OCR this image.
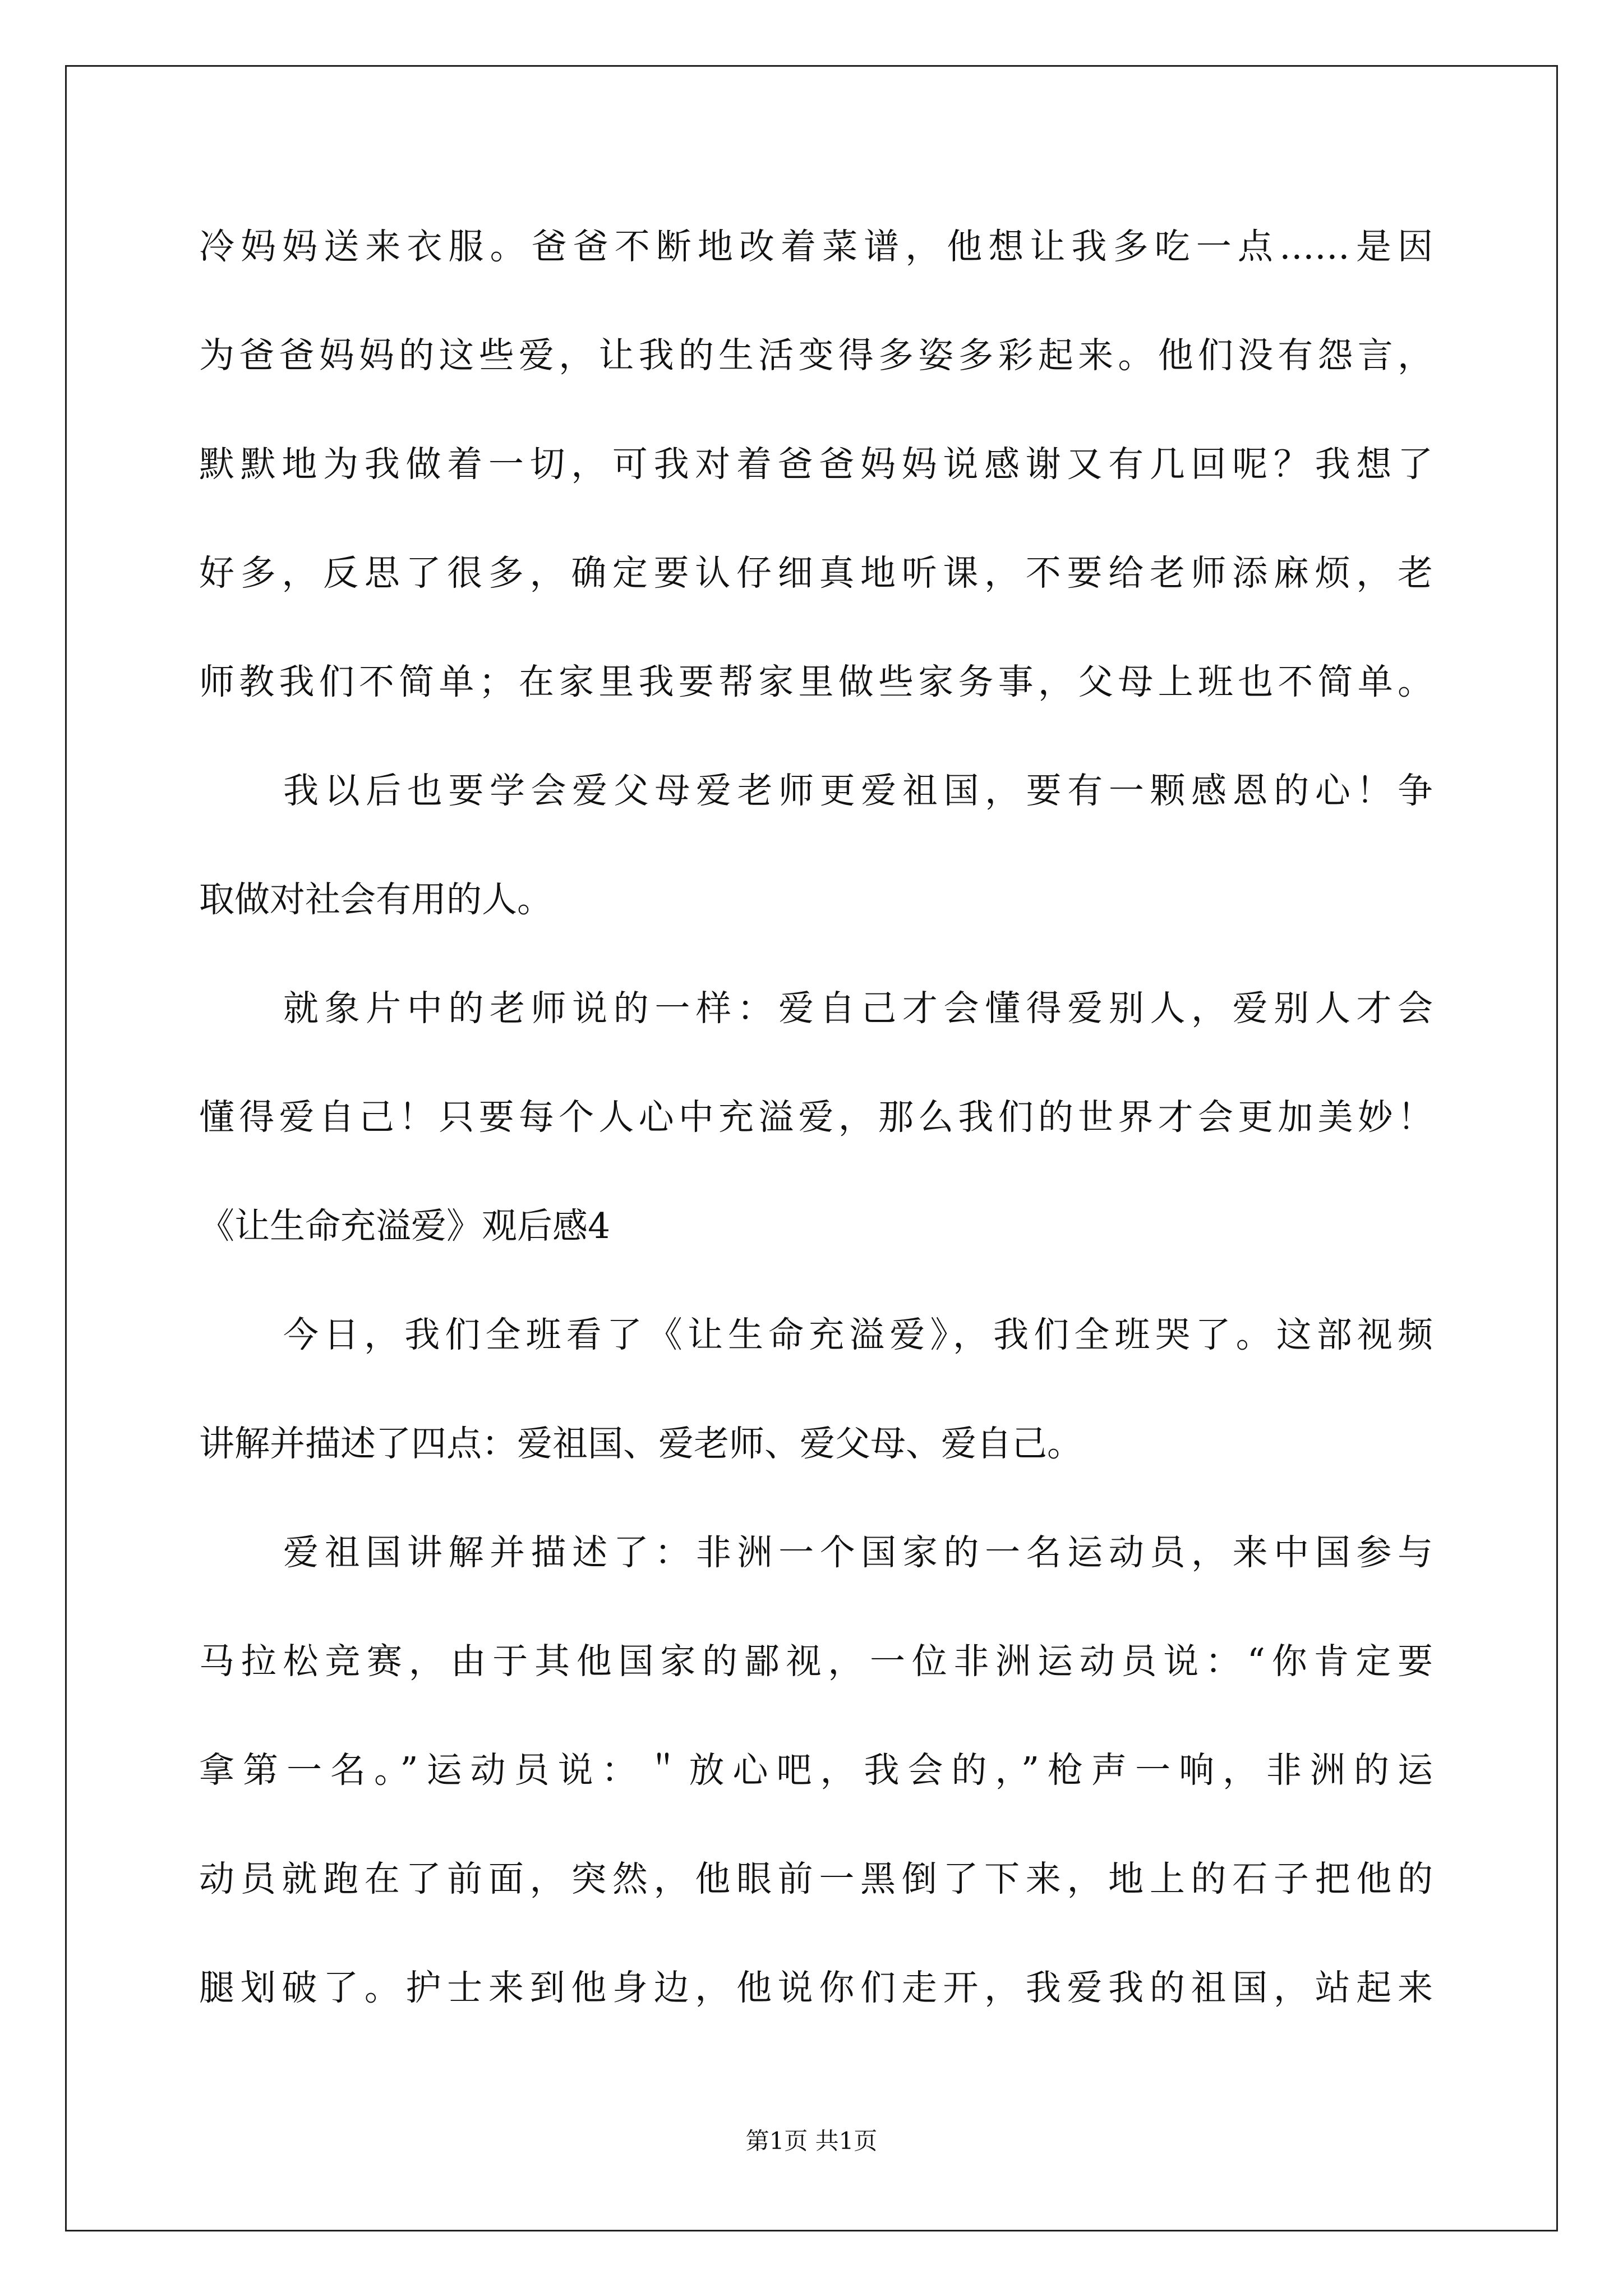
冷妈妈送来衣服。爸爸不断地改着菜谱，他想让我多吃一点……是因
为爸爸妈妈的这些爱，让我的生活变得多姿多彩起来。他们没有怨言，
默默地为我做着一切，可我对着爸爸妈妈说感谢又有几回呢？我想了
好多，反思了很多，确定要认仔细真地听课，不要给老师添麻烦，老
师教我们不简单；在家里我要帮家里做些家务事，父母上班也不简单。
我以后也要学会爱父母爱老师更爱祖国，要有一颗感恩的心！争
取做对社会有用的人。
就象片中的老师说的一样：爱自己才会懂得爱别人，爱别人才会
懂得爱自己！只要每个人心中充溢爱，那么我们的世界才会更加美妙！
《让生命充溢爱》观后感4
今日，我们全班看了《让生命充溢爱》，我们全班哭了。这部视频
讲解并描述了四点：爱祖国、爱老师、爱父母、爱自己。
爱祖国讲解并描述了：非洲一个国家的一名运动员，来中国参与
马拉松竞赛，由于其他国家的鄙视，一位非洲运动员说：“你肯定要
拿第一名。”运动员说：＂放心吧，我会的，”枪声一响，非洲的运
动员就跑在了前面，突然，他眼前一黑倒了下来，地上的石子把他的
腿划破了。护士来到他身边，他说你们走开，我爱我的祖国，站起来
第1页 共1页
